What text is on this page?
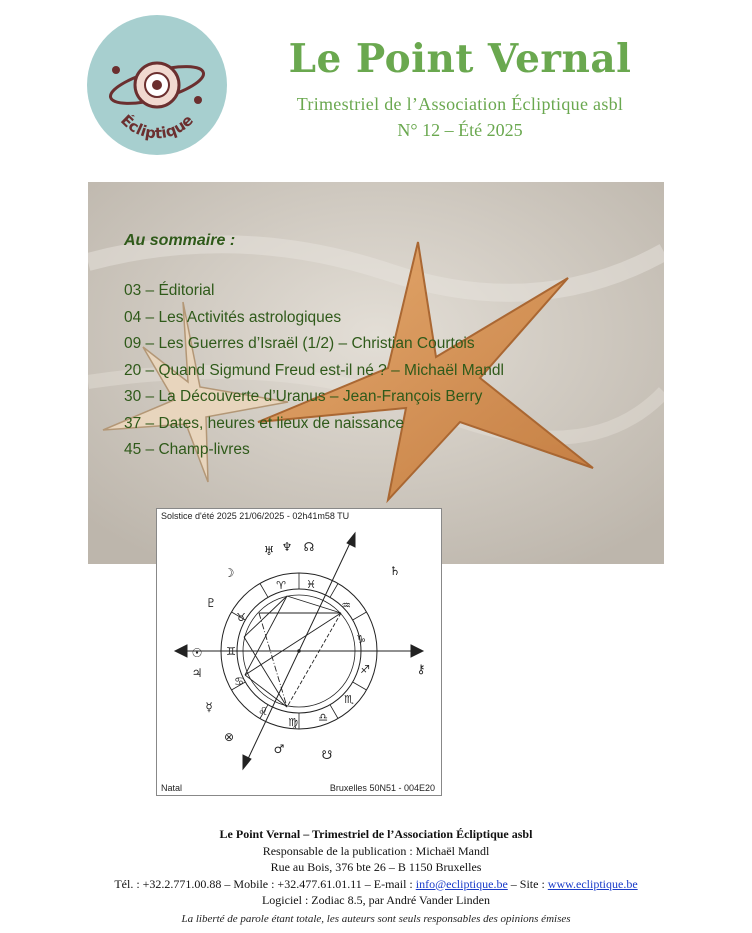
Écliptique
Le Point Vernal
Trimestriel de l’Association Écliptique asbl
N° 12 – Été 2025
Au sommaire :
03 – Éditorial
04 – Les Activités astrologiques
09 – Les Guerres d’Israël (1/2) – Christian Courtois
20 – Quand Sigmund Freud est-il né ? – Michaël Mandl
30 – La Découverte d’Uranus – Jean-François Berry
37 – Dates, heures et lieux de naissance
45 – Champ-livres
Solstice d'été 2025 21/06/2025 - 02h41m58 TU
♈ ♓
♒
♑
♐
♏
♎
♍
♌
♋
♊
♉
♅ ♆ ☊
☽
♇
☉
♃
☿
⊗
♂	☋
♄
⚷
Natal	Bruxelles 50N51 - 004E20
Le Point Vernal – Trimestriel de l’Association Écliptique asbl
Responsable de la publication : Michaël Mandl
Rue au Bois, 376 bte 26 – B 1150 Bruxelles
Tél. : +32.2.771.00.88 – Mobile : +32.477.61.01.11 – E-mail : info@ecliptique.be – Site : www.ecliptique.be
Logiciel : Zodiac 8.5, par André Vander Linden
La liberté de parole étant totale, les auteurs sont seuls responsables des opinions émises
